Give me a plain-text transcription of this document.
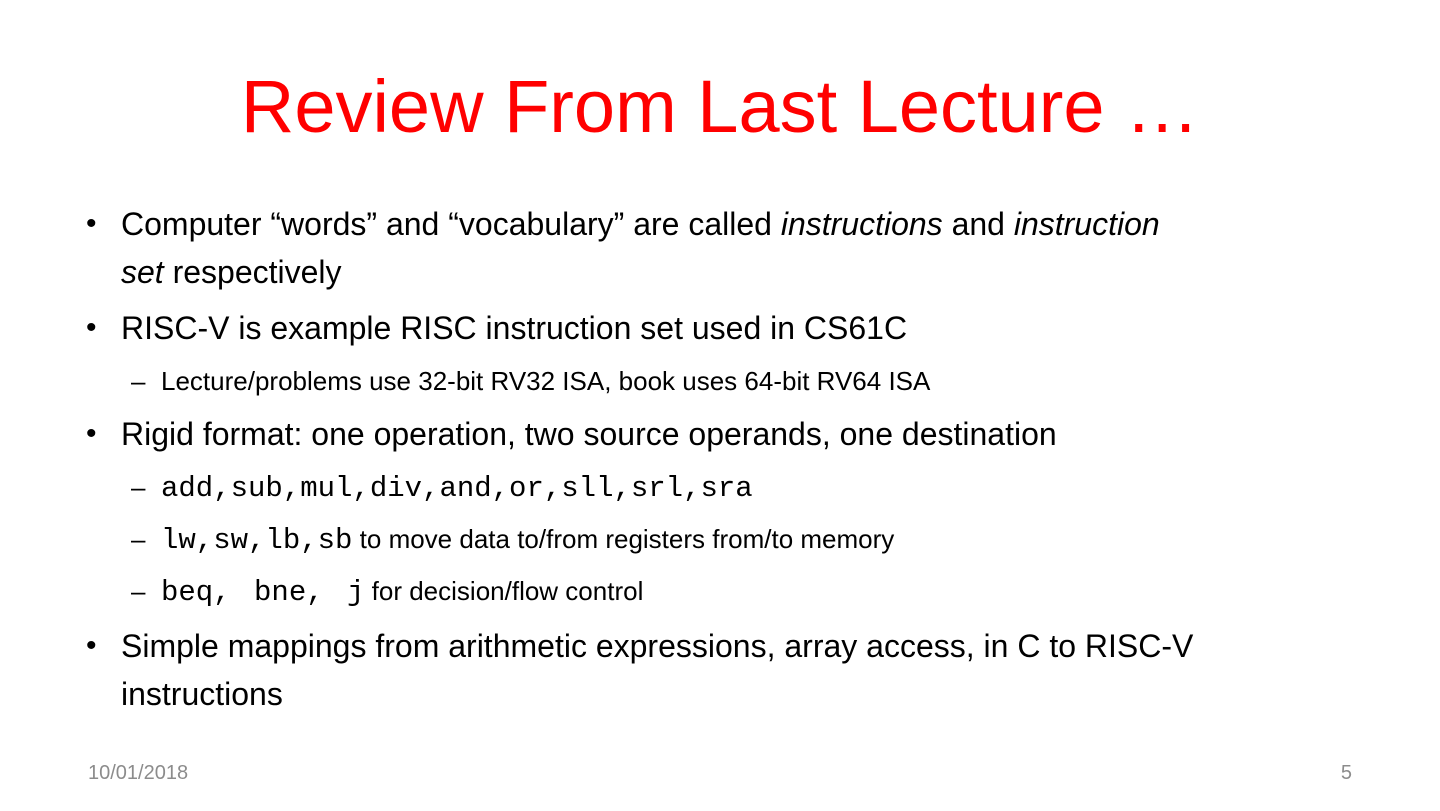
Review From Last Lecture …
• Computer “words” and “vocabulary” are called instructions and instruction
set respectively
• RISC-V is example RISC instruction set used in CS61C
– Lecture/problems use 32-bit RV32 ISA, book uses 64-bit RV64 ISA
• Rigid format: one operation, two source operands, one destination
– add,sub,mul,div,and,or,sll,srl,sra
– lw,sw,lb,sb to move data to/from registers from/to memory
– beq, bne, j for decision/flow control
• Simple mappings from arithmetic expressions, array access, in C to RISC-V
instructions
10/01/2018	5
